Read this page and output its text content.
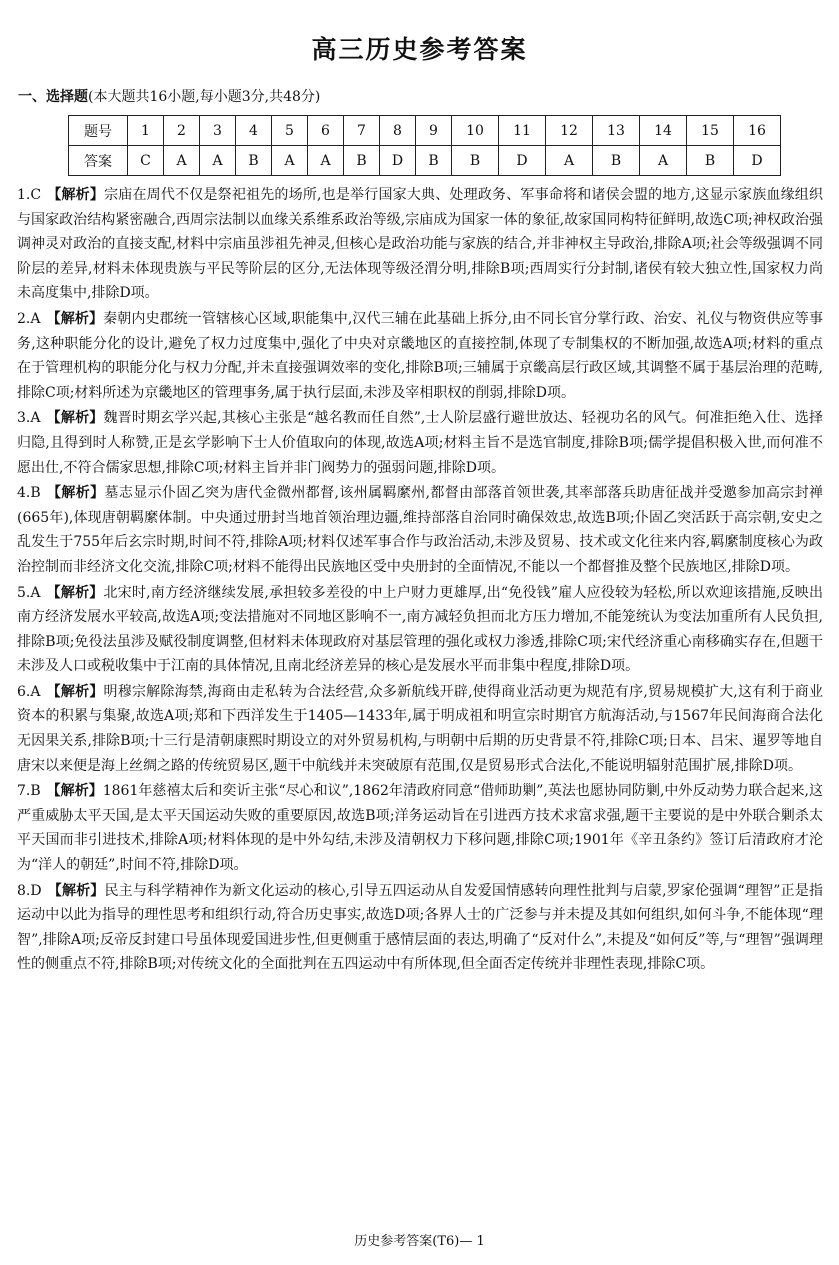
高三历史参考答案
一、选择题(本大题共16小题,每小题3分,共48分)
题号	1	2	3	4	5	6	7	8	9	10	11	12	13	14	15	16
答案	C	A	A	B	A	A	B	D	B	B	D	A	B	A	B	D

1.C 【解析】宗庙在周代不仅是祭祀祖先的场所,也是举行国家大典、处理政务、军事命将和诸侯会盟的地方,这显示家族血缘组织与国家政治结构紧密融合,西周宗法制以血缘关系维系政治等级,宗庙成为国家一体的象征,故家国同构特征鲜明,故选C项;神权政治强调神灵对政治的直接支配,材料中宗庙虽涉祖先神灵,但核心是政治功能与家族的结合,并非神权主导政治,排除A项;社会等级强调不同阶层的差异,材料未体现贵族与平民等阶层的区分,无法体现等级泾渭分明,排除B项;西周实行分封制,诸侯有较大独立性,国家权力尚未高度集中,排除D项。

2.A 【解析】秦朝内史郡统一管辖核心区域,职能集中,汉代三辅在此基础上拆分,由不同长官分掌行政、治安、礼仪与物资供应等事务,这种职能分化的设计,避免了权力过度集中,强化了中央对京畿地区的直接控制,体现了专制集权的不断加强,故选A项;材料的重点在于管理机构的职能分化与权力分配,并未直接强调效率的变化,排除B项;三辅属于京畿高层行政区域,其调整不属于基层治理的范畴,排除C项;材料所述为京畿地区的管理事务,属于执行层面,未涉及宰相职权的削弱,排除D项。

3.A 【解析】魏晋时期玄学兴起,其核心主张是“越名教而任自然”,士人阶层盛行避世放达、轻视功名的风气。何准拒绝入仕、选择归隐,且得到时人称赞,正是玄学影响下士人价值取向的体现,故选A项;材料主旨不是选官制度,排除B项;儒学提倡积极入世,而何准不愿出仕,不符合儒家思想,排除C项;材料主旨并非门阀势力的强弱问题,排除D项。

4.B 【解析】墓志显示仆固乙突为唐代金微州都督,该州属羁縻州,都督由部落首领世袭,其率部落兵助唐征战并受邀参加高宗封禅(665年),体现唐朝羁縻体制。中央通过册封当地首领治理边疆,维持部落自治同时确保效忠,故选B项;仆固乙突活跃于高宗朝,安史之乱发生于755年后玄宗时期,时间不符,排除A项;材料仅述军事合作与政治活动,未涉及贸易、技术或文化往来内容,羁縻制度核心为政治控制而非经济文化交流,排除C项;材料不能得出民族地区受中央册封的全面情况,不能以一个都督推及整个民族地区,排除D项。

5.A 【解析】北宋时,南方经济继续发展,承担较多差役的中上户财力更雄厚,出“免役钱”雇人应役较为轻松,所以欢迎该措施,反映出南方经济发展水平较高,故选A项;变法措施对不同地区影响不一,南方减轻负担而北方压力增加,不能笼统认为变法加重所有人民负担,排除B项;免役法虽涉及赋役制度调整,但材料未体现政府对基层管理的强化或权力渗透,排除C项;宋代经济重心南移确实存在,但题干未涉及人口或税收集中于江南的具体情况,且南北经济差异的核心是发展水平而非集中程度,排除D项。

6.A 【解析】明穆宗解除海禁,海商由走私转为合法经营,众多新航线开辟,使得商业活动更为规范有序,贸易规模扩大,这有利于商业资本的积累与集聚,故选A项;郑和下西洋发生于1405—1433年,属于明成祖和明宣宗时期官方航海活动,与1567年民间海商合法化无因果关系,排除B项;十三行是清朝康熙时期设立的对外贸易机构,与明朝中后期的历史背景不符,排除C项;日本、吕宋、暹罗等地自唐宋以来便是海上丝绸之路的传统贸易区,题干中航线并未突破原有范围,仅是贸易形式合法化,不能说明辐射范围扩展,排除D项。

7.B 【解析】1861年慈禧太后和奕䜣主张“尽心和议”,1862年清政府同意“借师助剿”,英法也愿协同防剿,中外反动势力联合起来,这严重威胁太平天国,是太平天国运动失败的重要原因,故选B项;洋务运动旨在引进西方技术求富求强,题干主要说的是中外联合剿杀太平天国而非引进技术,排除A项;材料体现的是中外勾结,未涉及清朝权力下移问题,排除C项;1901年《辛丑条约》签订后清政府才沦为“洋人的朝廷”,时间不符,排除D项。

8.D 【解析】民主与科学精神作为新文化运动的核心,引导五四运动从自发爱国情感转向理性批判与启蒙,罗家伦强调“理智”正是指运动中以此为指导的理性思考和组织行动,符合历史事实,故选D项;各界人士的广泛参与并未提及其如何组织,如何斗争,不能体现“理智”,排除A项;反帝反封建口号虽体现爱国进步性,但更侧重于感情层面的表达,明确了“反对什么”,未提及“如何反”等,与“理智”强调理性的侧重点不符,排除B项;对传统文化的全面批判在五四运动中有所体现,但全面否定传统并非理性表现,排除C项。

历史参考答案(T6)— 1
